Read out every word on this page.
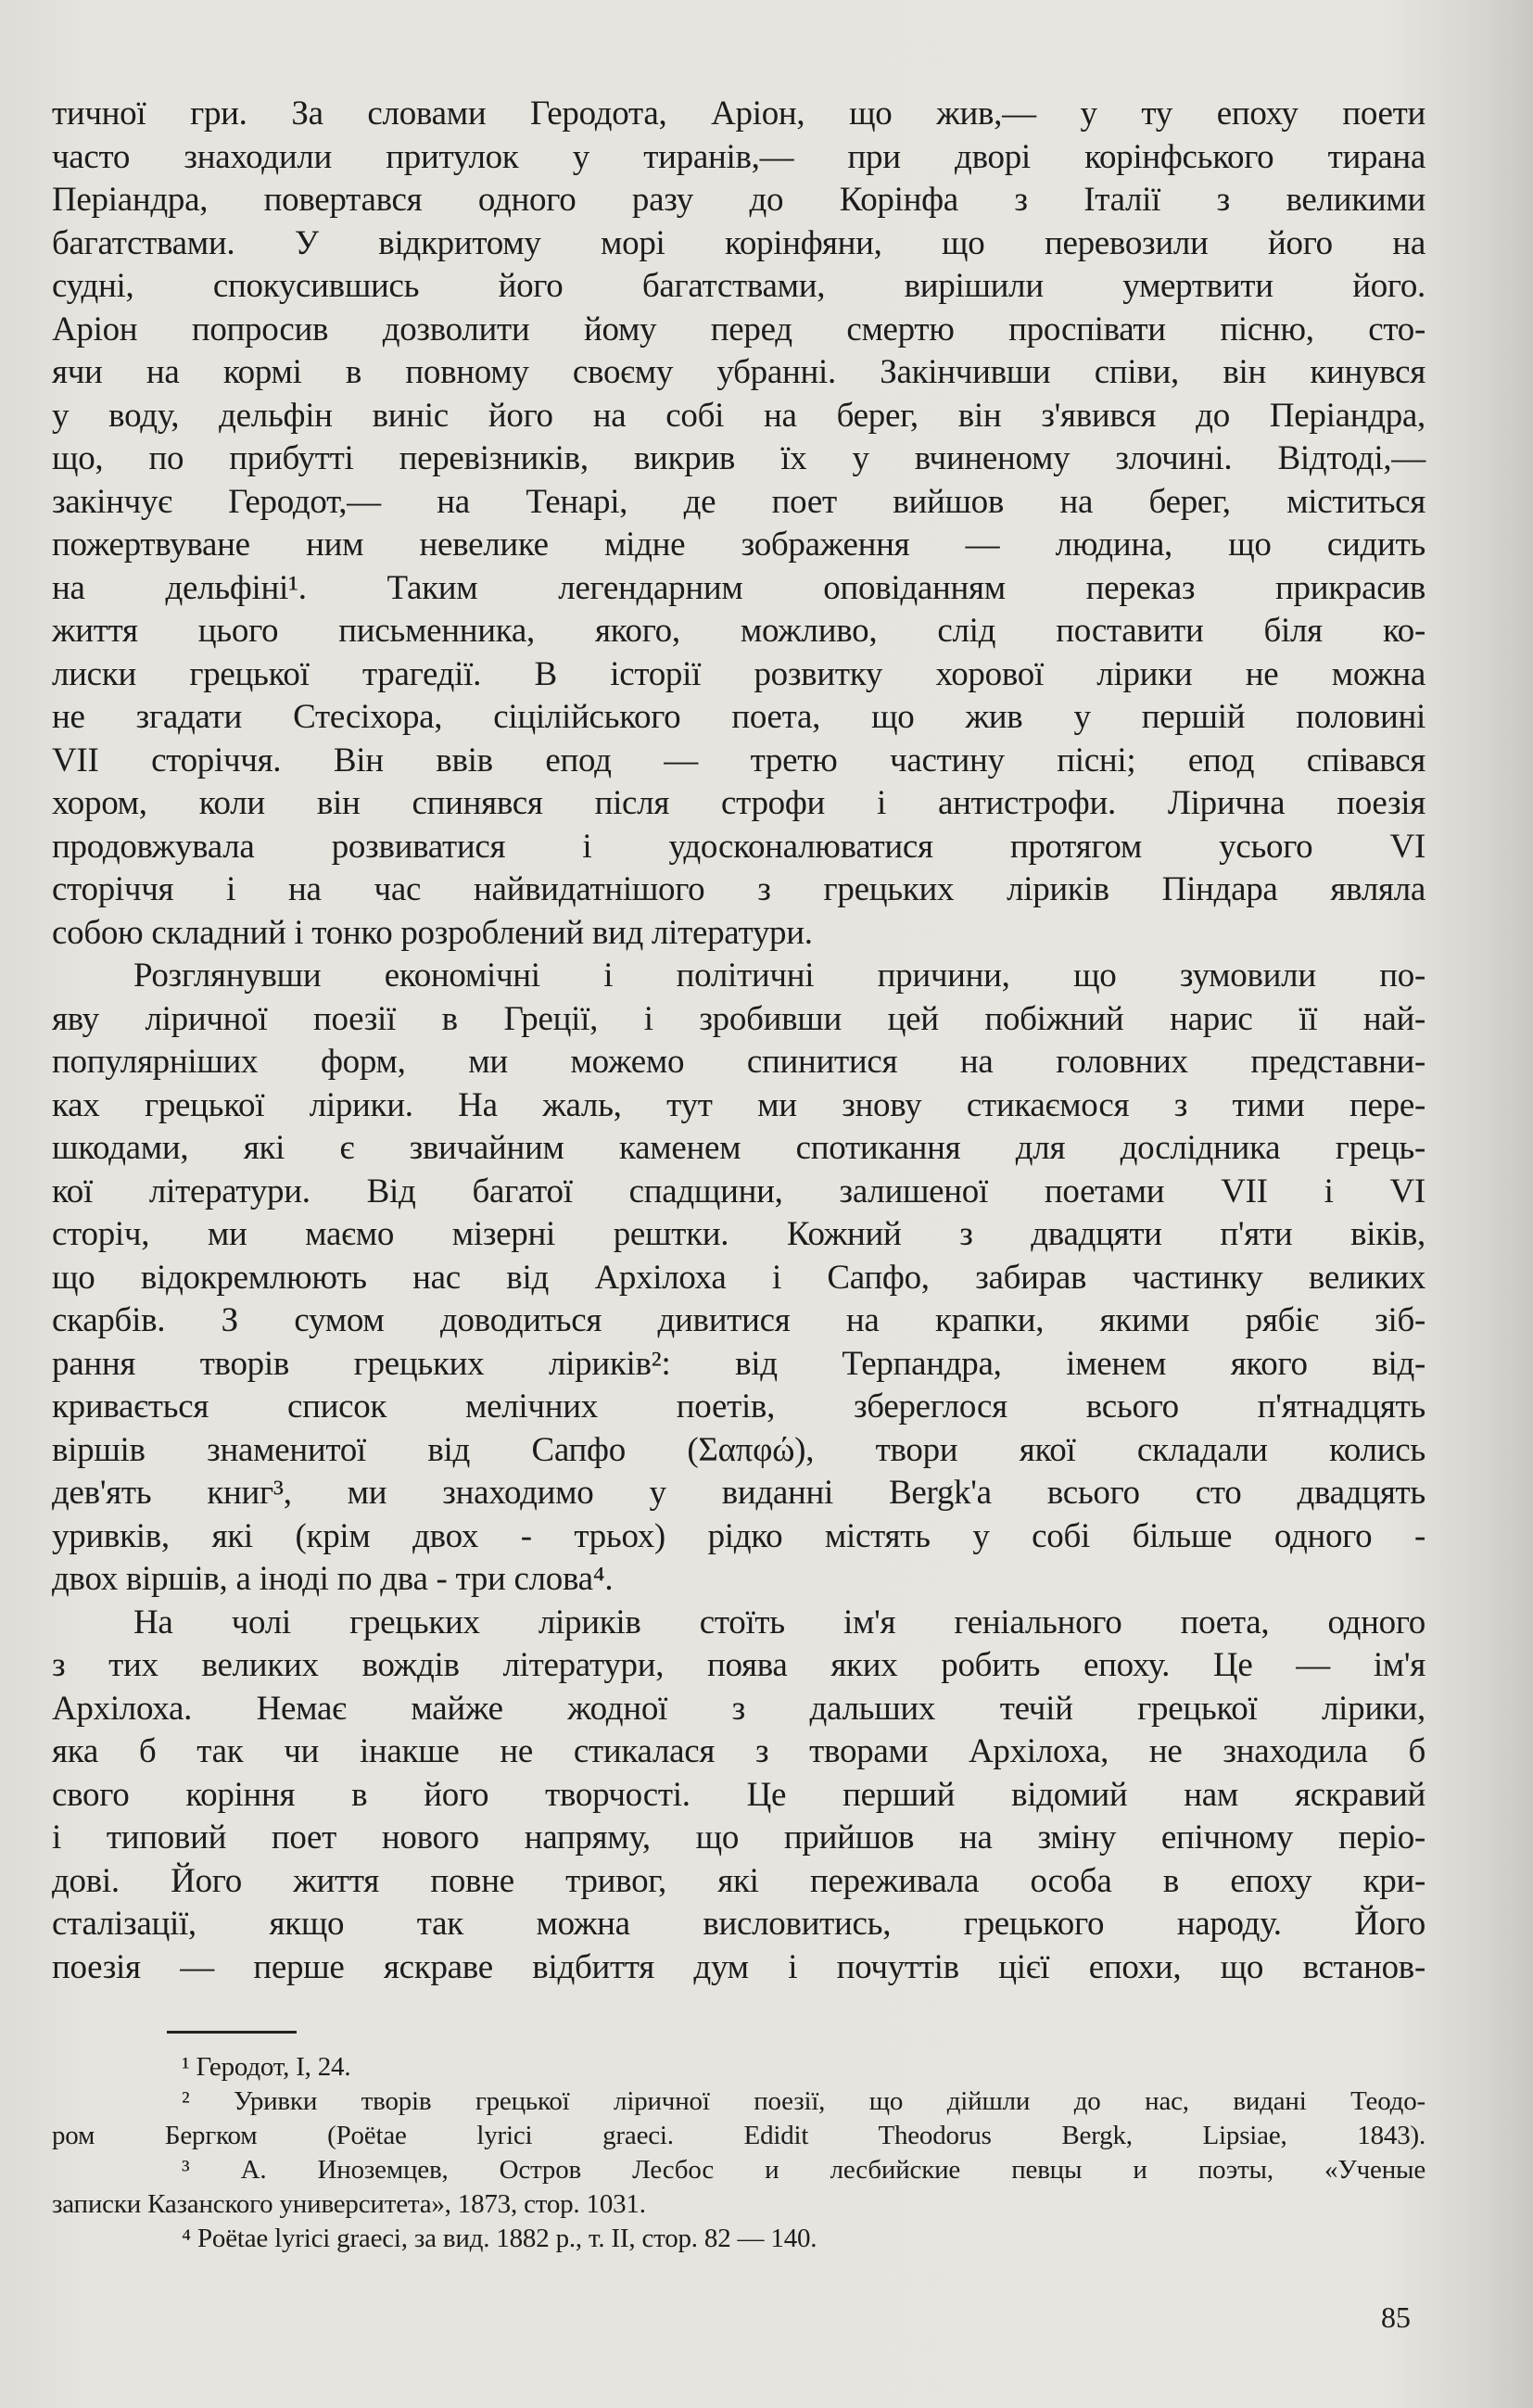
тичної гри. За словами Геродота, Аріон, що жив,— у ту епоху поети
часто знаходили притулок у тиранів,— при дворі корінфського тирана
Періандра, повертався одного разу до Корінфа з Італії з великими
багатствами. У відкритому морі корінфяни, що перевозили його на
судні, спокусившись його багатствами, вирішили умертвити його.
Аріон попросив дозволити йому перед смертю проспівати пісню, сто-
ячи на кормі в повному своєму убранні. Закінчивши співи, він кинувся
у воду, дельфін виніс його на собі на берег, він з'явився до Періандра,
що, по прибутті перевізників, викрив їх у вчиненому злочині. Відтоді,—
закінчує Геродот,— на Тенарі, де поет вийшов на берег, міститься
пожертвуване ним невелике мідне зображення — людина, що сидить
на дельфіні¹. Таким легендарним оповіданням переказ прикрасив
життя цього письменника, якого, можливо, слід поставити біля ко-
лиски грецької трагедії. В історії розвитку хорової лірики не можна
не згадати Стесіхора, сіцілійського поета, що жив у першій половині
VII сторіччя. Він ввів епод — третю частину пісні; епод співався
хором, коли він спинявся після строфи і антистрофи. Лірична поезія
продовжувала розвиватися і удосконалюватися протягом усього VI
сторіччя і на час найвидатнішого з грецьких ліриків Піндара являла
собою складний і тонко розроблений вид літератури.
Розглянувши економічні і політичні причини, що зумовили по-
яву ліричної поезії в Греції, і зробивши цей побіжний нарис її най-
популярніших форм, ми можемо спинитися на головних представни-
ках грецької лірики. На жаль, тут ми знову стикаємося з тими пере-
шкодами, які є звичайним каменем спотикання для дослідника грець-
кої літератури. Від багатої спадщини, залишеної поетами VII і VI
сторіч, ми маємо мізерні рештки. Кожний з двадцяти п'яти віків,
що відокремлюють нас від Архілоха і Сапфо, забирав частинку великих
скарбів. З сумом доводиться дивитися на крапки, якими рябіє зіб-
рання творів грецьких ліриків²: від Терпандра, іменем якого від-
кривається список мелічних поетів, збереглося всього п'ятнадцять
віршів знаменитої від Сапфо (Σαπφώ), твори якої складали колись
дев'ять книг³, ми знаходимо у виданні Bergk'а всього сто двадцять
уривків, які (крім двох - трьох) рідко містять у собі більше одного -
двох віршів, а іноді по два - три слова⁴.
На чолі грецьких ліриків стоїть ім'я геніального поета, одного
з тих великих вождів літератури, поява яких робить епоху. Це — ім'я
Архілоха. Немає майже жодної з дальших течій грецької лірики,
яка б так чи інакше не стикалася з творами Архілоха, не знаходила б
свого коріння в його творчості. Це перший відомий нам яскравий
і типовий поет нового напряму, що прийшов на зміну епічному періо-
дові. Його життя повне тривог, які переживала особа в епоху кри-
сталізації, якщо так можна висловитись, грецького народу. Його
поезія — перше яскраве відбиття дум і почуттів цієї епохи, що встанов-
¹ Геродот, I, 24.
² Уривки творів грецької ліричної поезії, що дійшли до нас, видані Теодо-
ром Бергком (Poëtae lyrici graeci. Edidit Theodorus Bergk, Lipsiae, 1843).
³ А. Иноземцев, Остров Лесбос и лесбийские певцы и поэты, «Ученые
записки Казанского университета», 1873, стор. 1031.
⁴ Poëtae lyrici graeci, за вид. 1882 р., т. II, стор. 82 — 140.
85
